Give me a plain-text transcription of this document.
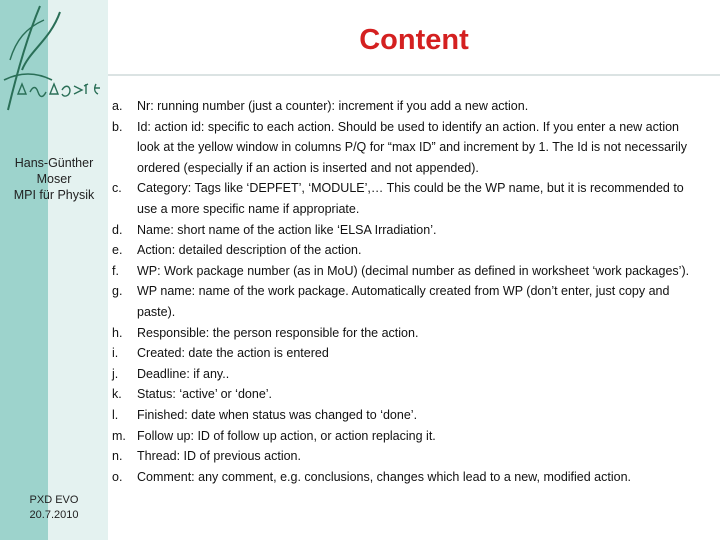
Hans-Günther
Moser
MPI für Physik
PXD EVO
20.7.2010
Content
a. Nr: running number (just a counter): increment if you add a new action.
b. Id: action id: specific to each action. Should be used to identify an action. If you enter a new action look at the yellow window in columns P/Q for “max ID” and increment by 1. The Id is not necessarily ordered (especially if an action is inserted and not appended).
c. Category: Tags like ‘DEPFET’, ‘MODULE’,… This could be the WP name, but it is recommended to use a more specific name if appropriate.
d. Name: short name of the action like ‘ELSA Irradiation’.
e. Action: detailed description of the action.
f. WP: Work package number (as in MoU) (decimal number as defined in worksheet ‘work packages’).
g. WP name: name of the work package. Automatically created from WP (don’t enter, just copy and paste).
h. Responsible: the person responsible for the action.
i. Created: date the action is entered
j. Deadline: if any..
k. Status: ‘active’ or ‘done’.
l. Finished: date when status was changed to ‘done’.
m. Follow up: ID of follow up action, or action replacing it.
n. Thread: ID of previous action.
o. Comment: any comment, e.g. conclusions, changes which lead to a new, modified action.
